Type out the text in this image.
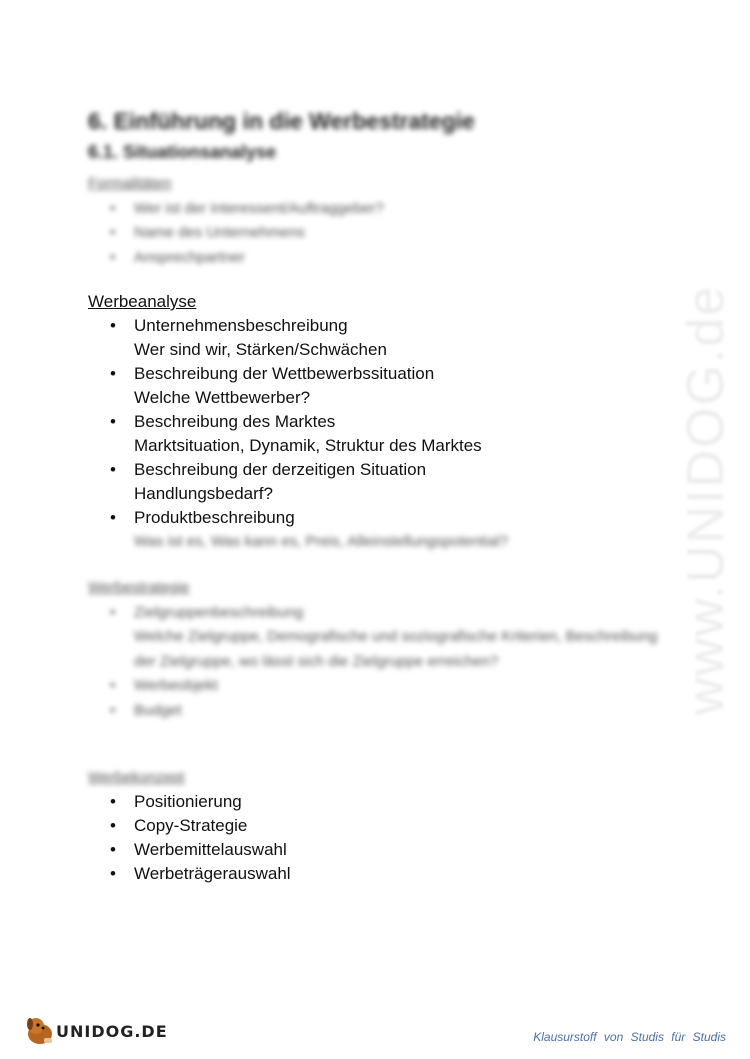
www.UNIDOG.de
6. Einführung in die Werbestrategie
6.1. Situationsanalyse
Formalitäten
• Wer ist der Interessent/Auftraggeber?
• Name des Unternehmens
• Ansprechpartner
Werbeanalyse
• Unternehmensbeschreibung
Wer sind wir, Stärken/Schwächen
• Beschreibung der Wettbewerbssituation
Welche Wettbewerber?
• Beschreibung des Marktes
Marktsituation, Dynamik, Struktur des Marktes
• Beschreibung der derzeitigen Situation
Handlungsbedarf?
• Produktbeschreibung
Was ist es, Was kann es, Preis, Alleinstellungspotential?
Werbestrategie
• Zielgruppenbeschreibung
Welche Zielgruppe, Demografische und soziografische Kriterien, Beschreibung der Zielgruppe, wo lässt sich die Zielgruppe erreichen?
• Werbeobjekt
• Budget
Werbekonzept
• Positionierung
• Copy-Strategie
• Werbemittelauswahl
• Werbeträgerauswahl
UNIDOG.DE	Klausurstoff von Studis für Studis
